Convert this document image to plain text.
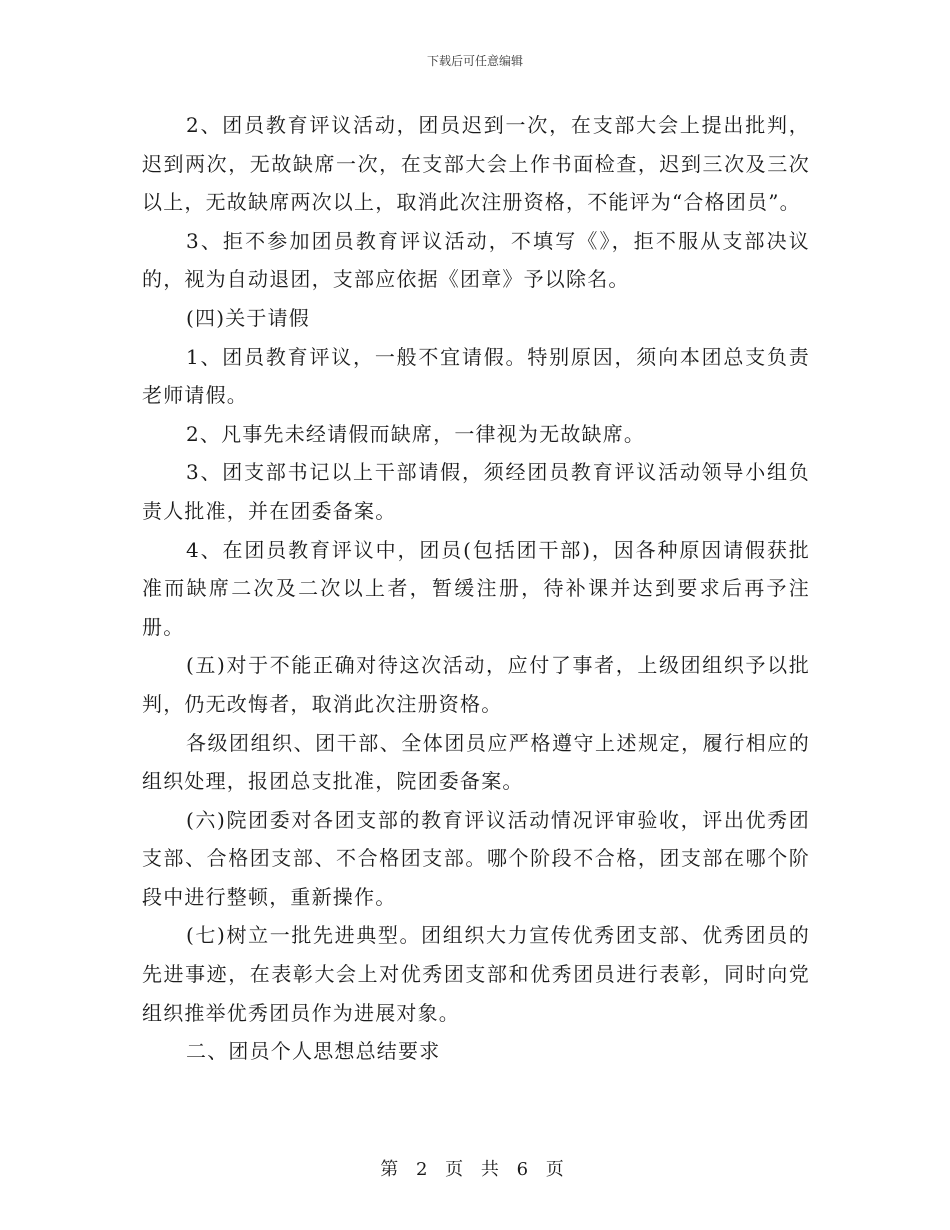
下载后可任意编辑

2、团员教育评议活动，团员迟到一次，在支部大会上提出批判，迟到两次，无故缺席一次，在支部大会上作书面检查，迟到三次及三次以上，无故缺席两次以上，取消此次注册资格，不能评为“合格团员”。

3、拒不参加团员教育评议活动，不填写《》，拒不服从支部决议的，视为自动退团，支部应依据《团章》予以除名。

(四)关于请假

1、团员教育评议，一般不宜请假。特别原因，须向本团总支负责老师请假。

2、凡事先未经请假而缺席，一律视为无故缺席。

3、团支部书记以上干部请假，须经团员教育评议活动领导小组负责人批准，并在团委备案。

4、在团员教育评议中，团员(包括团干部)，因各种原因请假获批准而缺席二次及二次以上者，暂缓注册，待补课并达到要求后再予注册。

(五)对于不能正确对待这次活动，应付了事者，上级团组织予以批判，仍无改悔者，取消此次注册资格。

各级团组织、团干部、全体团员应严格遵守上述规定，履行相应的组织处理，报团总支批准，院团委备案。

(六)院团委对各团支部的教育评议活动情况评审验收，评出优秀团支部、合格团支部、不合格团支部。哪个阶段不合格，团支部在哪个阶段中进行整顿，重新操作。

(七)树立一批先进典型。团组织大力宣传优秀团支部、优秀团员的先进事迹，在表彰大会上对优秀团支部和优秀团员进行表彰，同时向党组织推举优秀团员作为进展对象。

二、团员个人思想总结要求

第 2 页 共 6 页
